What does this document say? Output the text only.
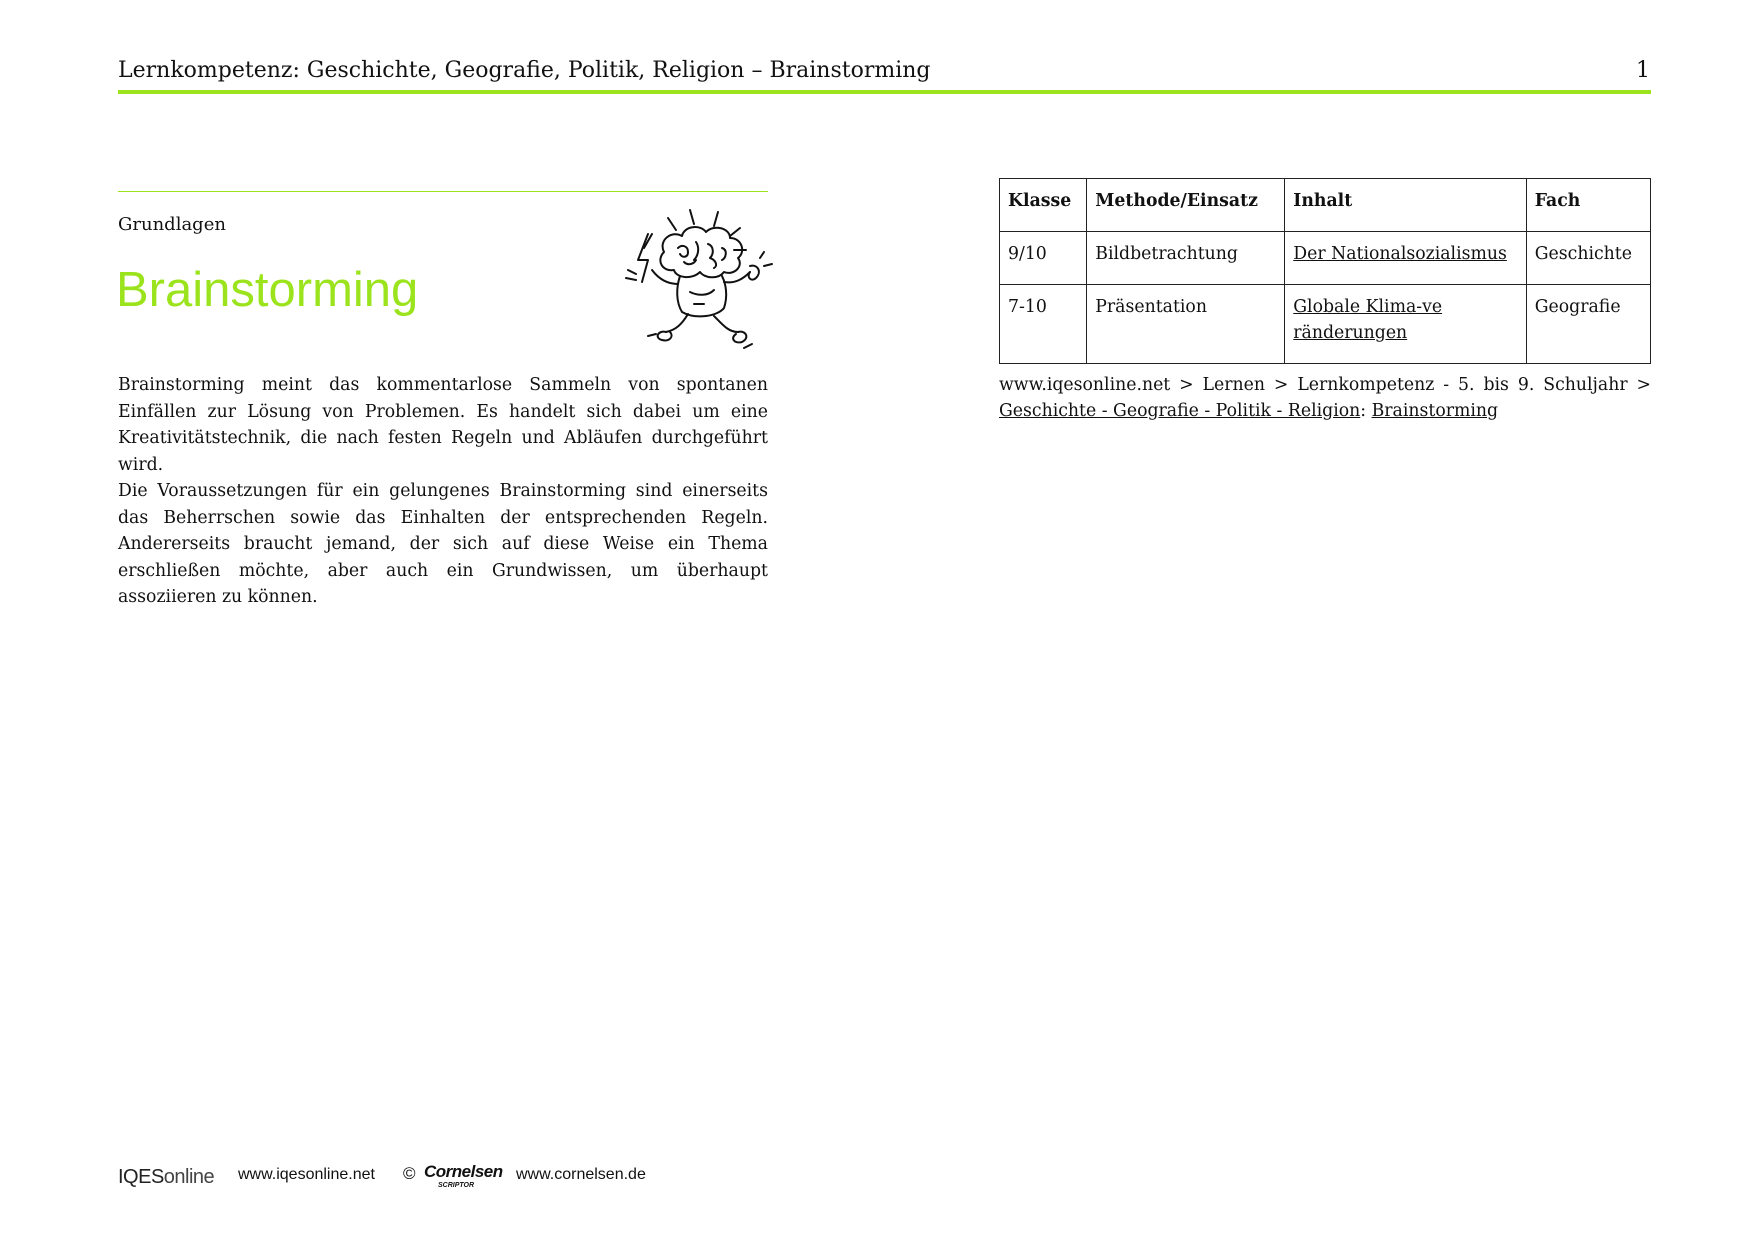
Lernkompetenz: Geschichte, Geografie, Politik, Religion – Brainstorming	1
Grundlagen
Brainstorming

Brainstorming meint das kommentarlose Sammeln von spontanen Einfällen zur Lösung von Problemen. Es handelt sich dabei um eine Kreativitätstechnik, die nach festen Regeln und Abläufen durchgeführt wird.

Die Voraussetzungen für ein gelungenes Brainstorming sind einerseits das Beherrschen sowie das Einhalten der entsprechenden Regeln. Andererseits braucht jemand, der sich auf diese Weise ein Thema erschließen möchte, aber auch ein Grundwissen, um überhaupt assoziieren zu können.

Klasse	Methode/Einsatz	Inhalt	Fach
9/10	Bildbetrachtung	Der Nationalsozialismus	Geschichte
7-10	Präsentation	Globale Klima-veränderungen	Geografie
www.iqesonline.net > Lernen > Lernkompetenz - 5. bis 9. Schuljahr >
Geschichte - Geografie - Politik - Religion: Brainstorming
IQESonline www.iqesonline.net © Cornelsen
SCRIPTOR
www.cornelsen.de
